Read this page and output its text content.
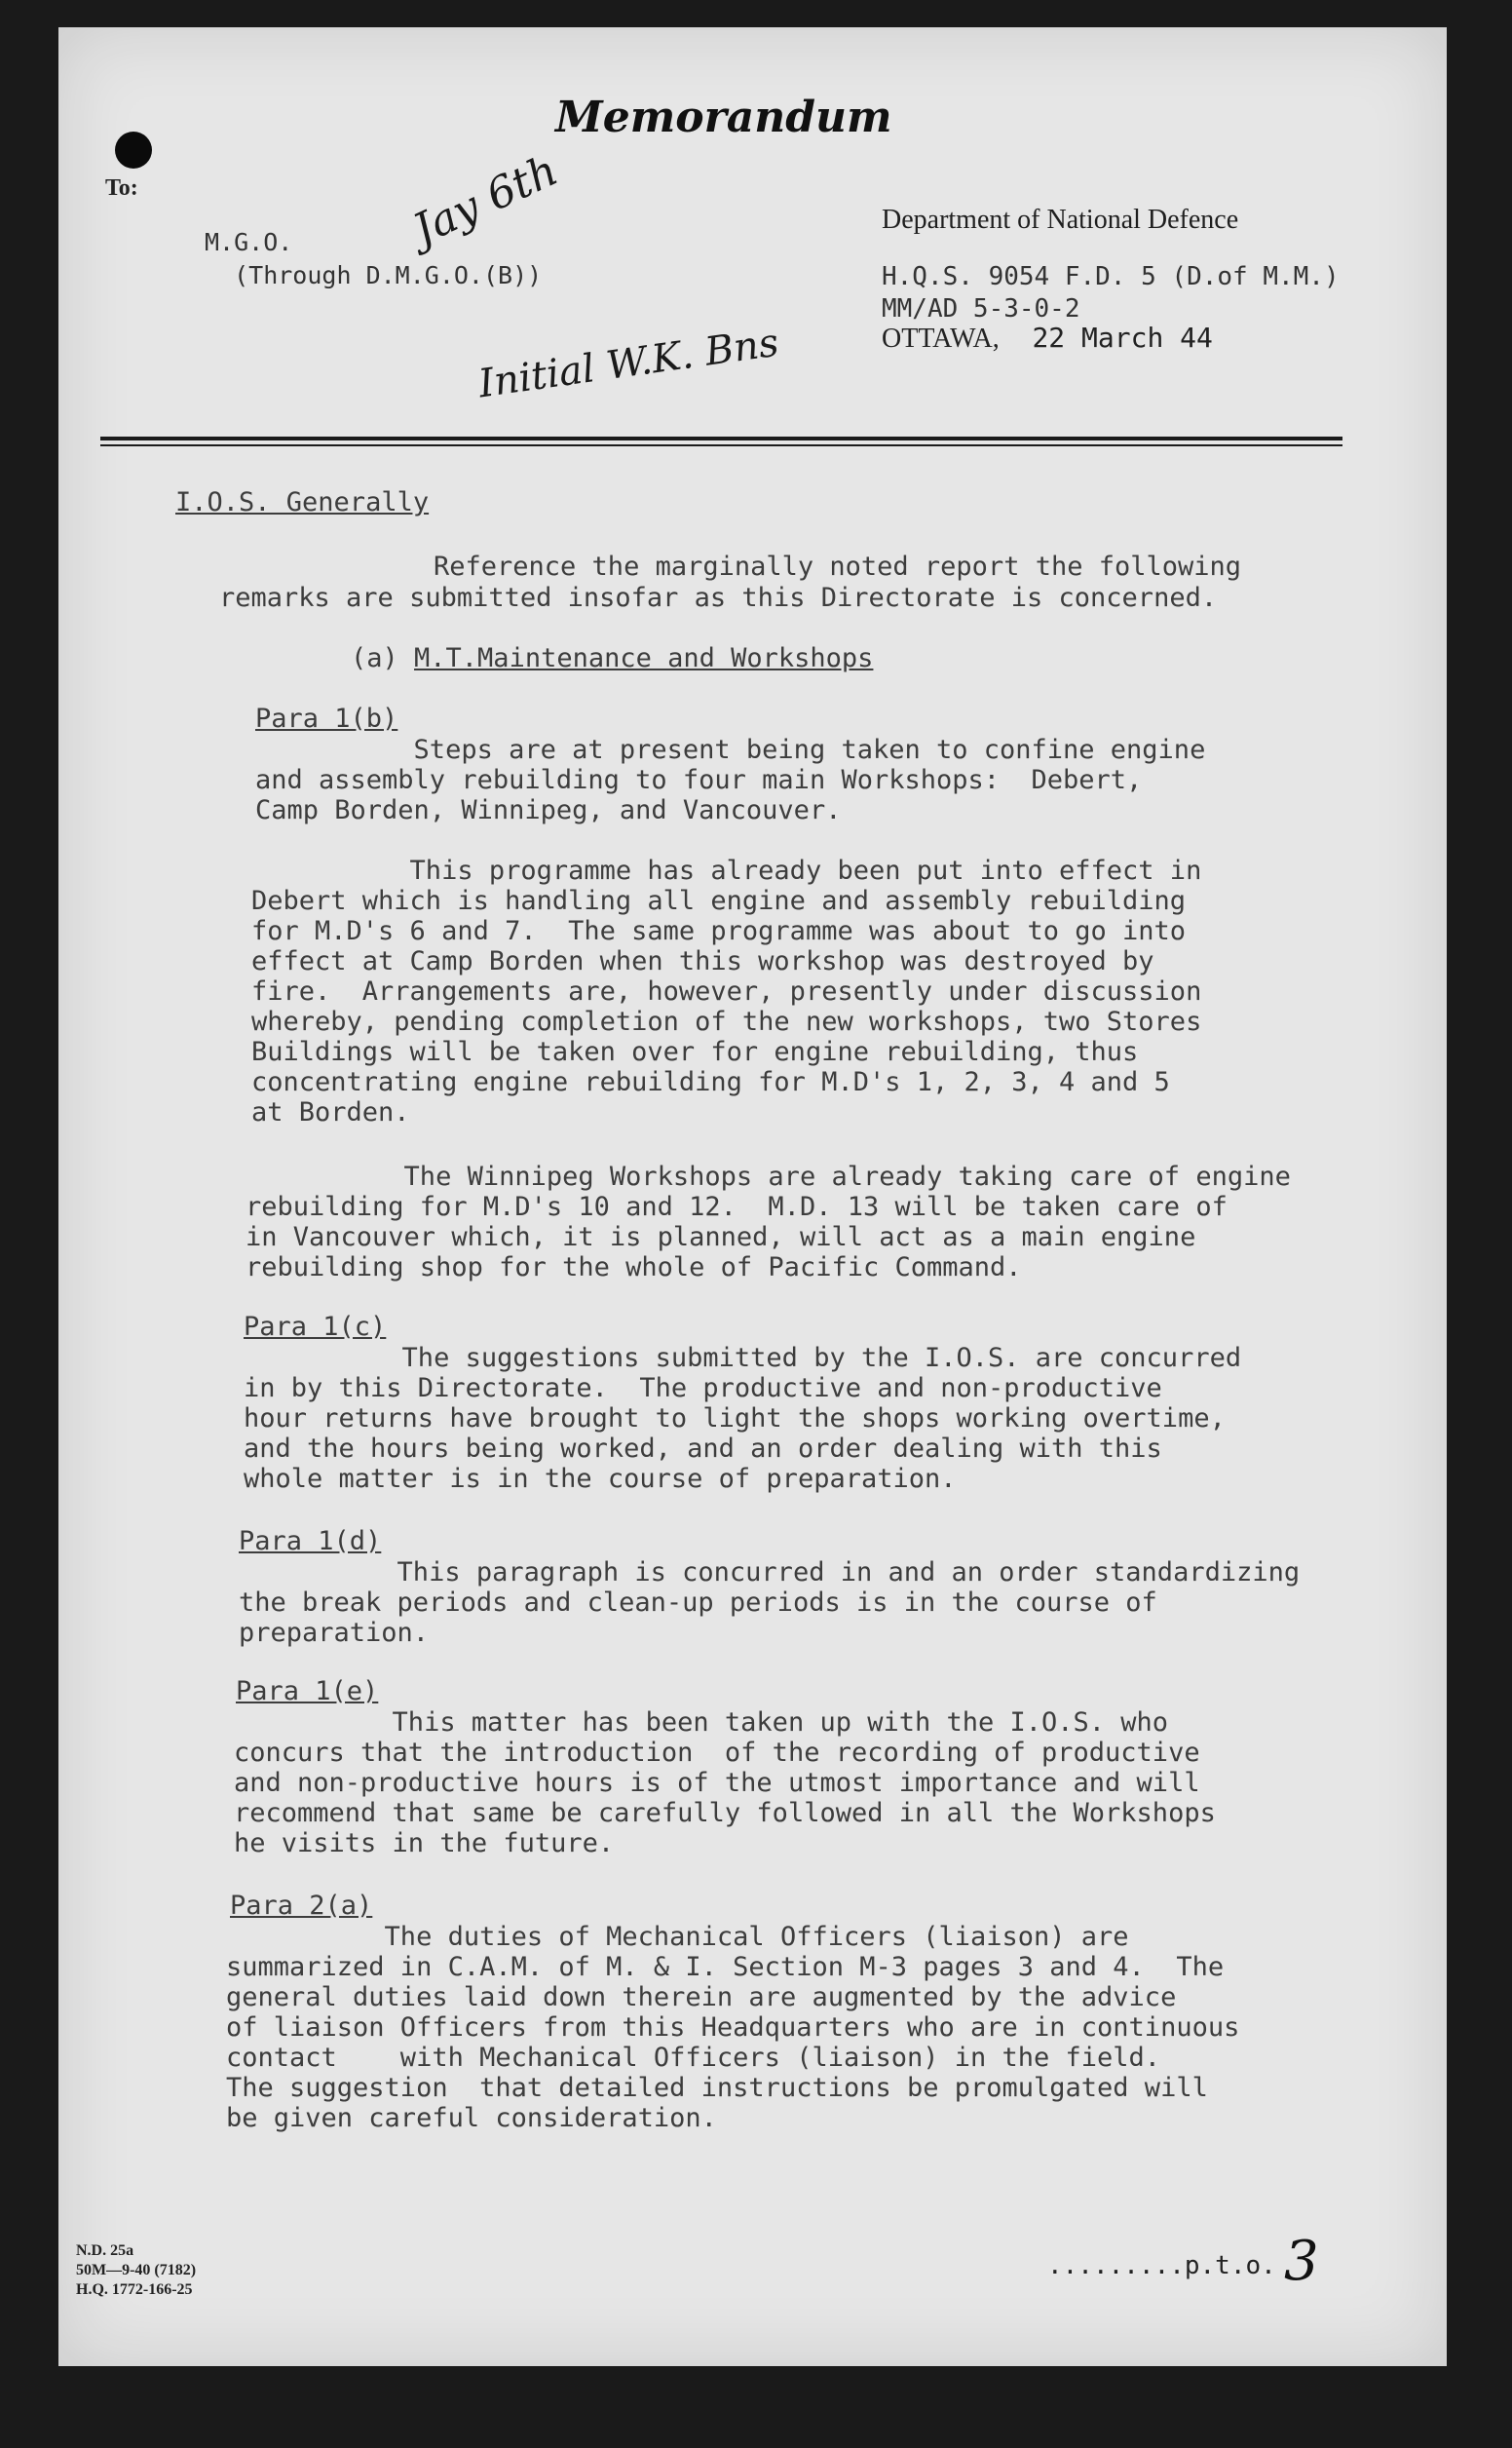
Memorandum
To:
M.G.O.
(Through D.M.G.O.(B))
Jay 6th
Initial W.K. Bns
Department of National Defence
H.Q.S. 9054 F.D. 5 (D.of M.M.)
MM/AD 5-3-0-2
OTTAWA, 22 March 44
I.O.S. Generally
Reference the marginally noted report the following
remarks are submitted insofar as this Directorate is concerned.
(a) M.T.Maintenance and Workshops
Para 1(b)
Steps are at present being taken to confine engine
and assembly rebuilding to four main Workshops:  Debert,
Camp Borden, Winnipeg, and Vancouver.
This programme has already been put into effect in
Debert which is handling all engine and assembly rebuilding
for M.D's 6 and 7.  The same programme was about to go into
effect at Camp Borden when this workshop was destroyed by
fire.  Arrangements are, however, presently under discussion
whereby, pending completion of the new workshops, two Stores
Buildings will be taken over for engine rebuilding, thus
concentrating engine rebuilding for M.D's 1, 2, 3, 4 and 5
at Borden.
The Winnipeg Workshops are already taking care of engine
rebuilding for M.D's 10 and 12.  M.D. 13 will be taken care of
in Vancouver which, it is planned, will act as a main engine
rebuilding shop for the whole of Pacific Command.
Para 1(c)
The suggestions submitted by the I.O.S. are concurred
in by this Directorate.  The productive and non-productive
hour returns have brought to light the shops working overtime,
and the hours being worked, and an order dealing with this
whole matter is in the course of preparation.
Para 1(d)
This paragraph is concurred in and an order standardizing
the break periods and clean-up periods is in the course of
preparation.
Para 1(e)
This matter has been taken up with the I.O.S. who
concurs that the introduction  of the recording of productive
and non-productive hours is of the utmost importance and will
recommend that same be carefully followed in all the Workshops
he visits in the future.
Para 2(a)
The duties of Mechanical Officers (liaison) are
summarized in C.A.M. of M. & I. Section M-3 pages 3 and 4.  The
general duties laid down therein are augmented by the advice
of liaison Officers from this Headquarters who are in continuous
contact    with Mechanical Officers (liaison) in the field.
The suggestion  that detailed instructions be promulgated will
be given careful consideration.
N.D. 25a
50M—9-40 (7182)
H.Q. 1772-166-25
.........p.t.o. 3
